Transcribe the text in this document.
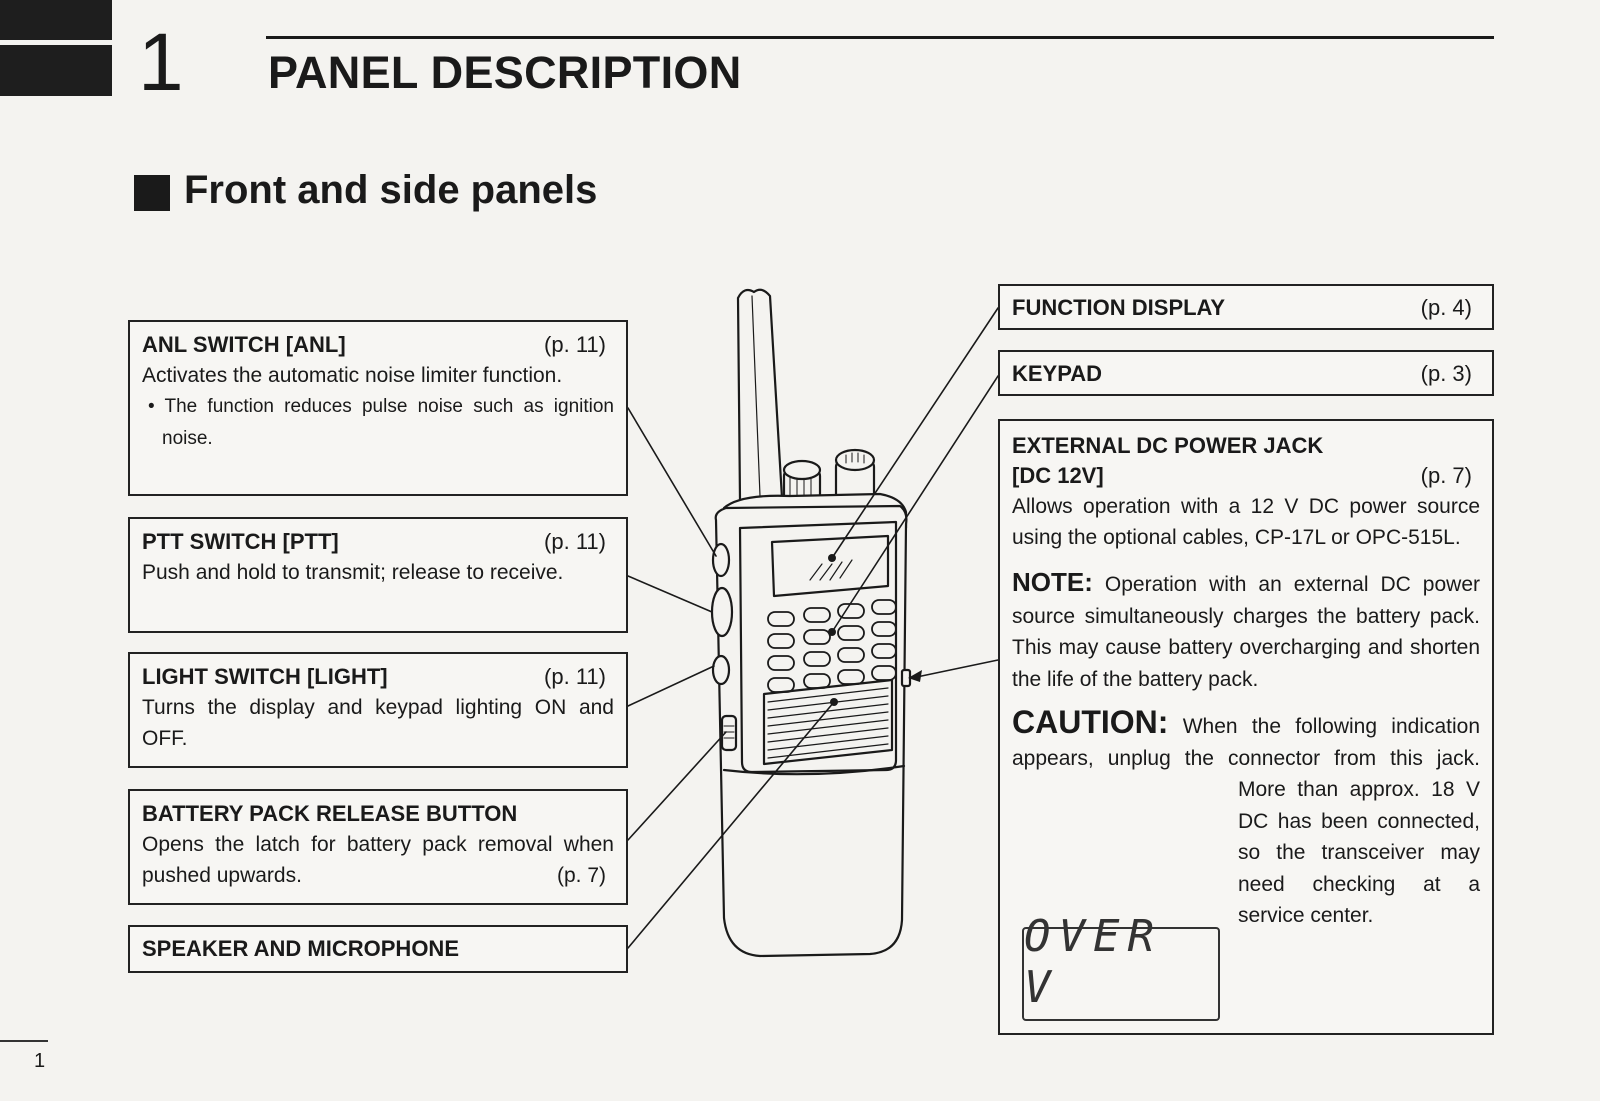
1 PANEL DESCRIPTION
Front and side panels
ANL SWITCH [ANL]	(p. 11)
Activates the automatic noise limiter function.
• The function reduces pulse noise such as ignition noise.
PTT SWITCH [PTT]	(p. 11)
Push and hold to transmit; release to receive.
LIGHT SWITCH [LIGHT]	(p. 11)
Turns the display and keypad lighting ON and OFF.
BATTERY PACK RELEASE BUTTON
Opens the latch for battery pack removal when pushed upwards.	(p. 7)
SPEAKER AND MICROPHONE
FUNCTION DISPLAY	(p. 4)
KEYPAD	(p. 3)
EXTERNAL DC POWER JACK
[DC 12V]	(p. 7)
Allows operation with a 12 V DC power source using the optional cables, CP-17L or OPC-515L.
NOTE: Operation with an external DC power source simultaneously charges the battery pack. This may cause battery overcharging and shorten the life of the battery pack.
CAUTION: When the following indication appears, unplug the connector from this jack. More than approx. 18 V DC has been connected, so the transceiver may need checking at a service center.
OVER V
1
